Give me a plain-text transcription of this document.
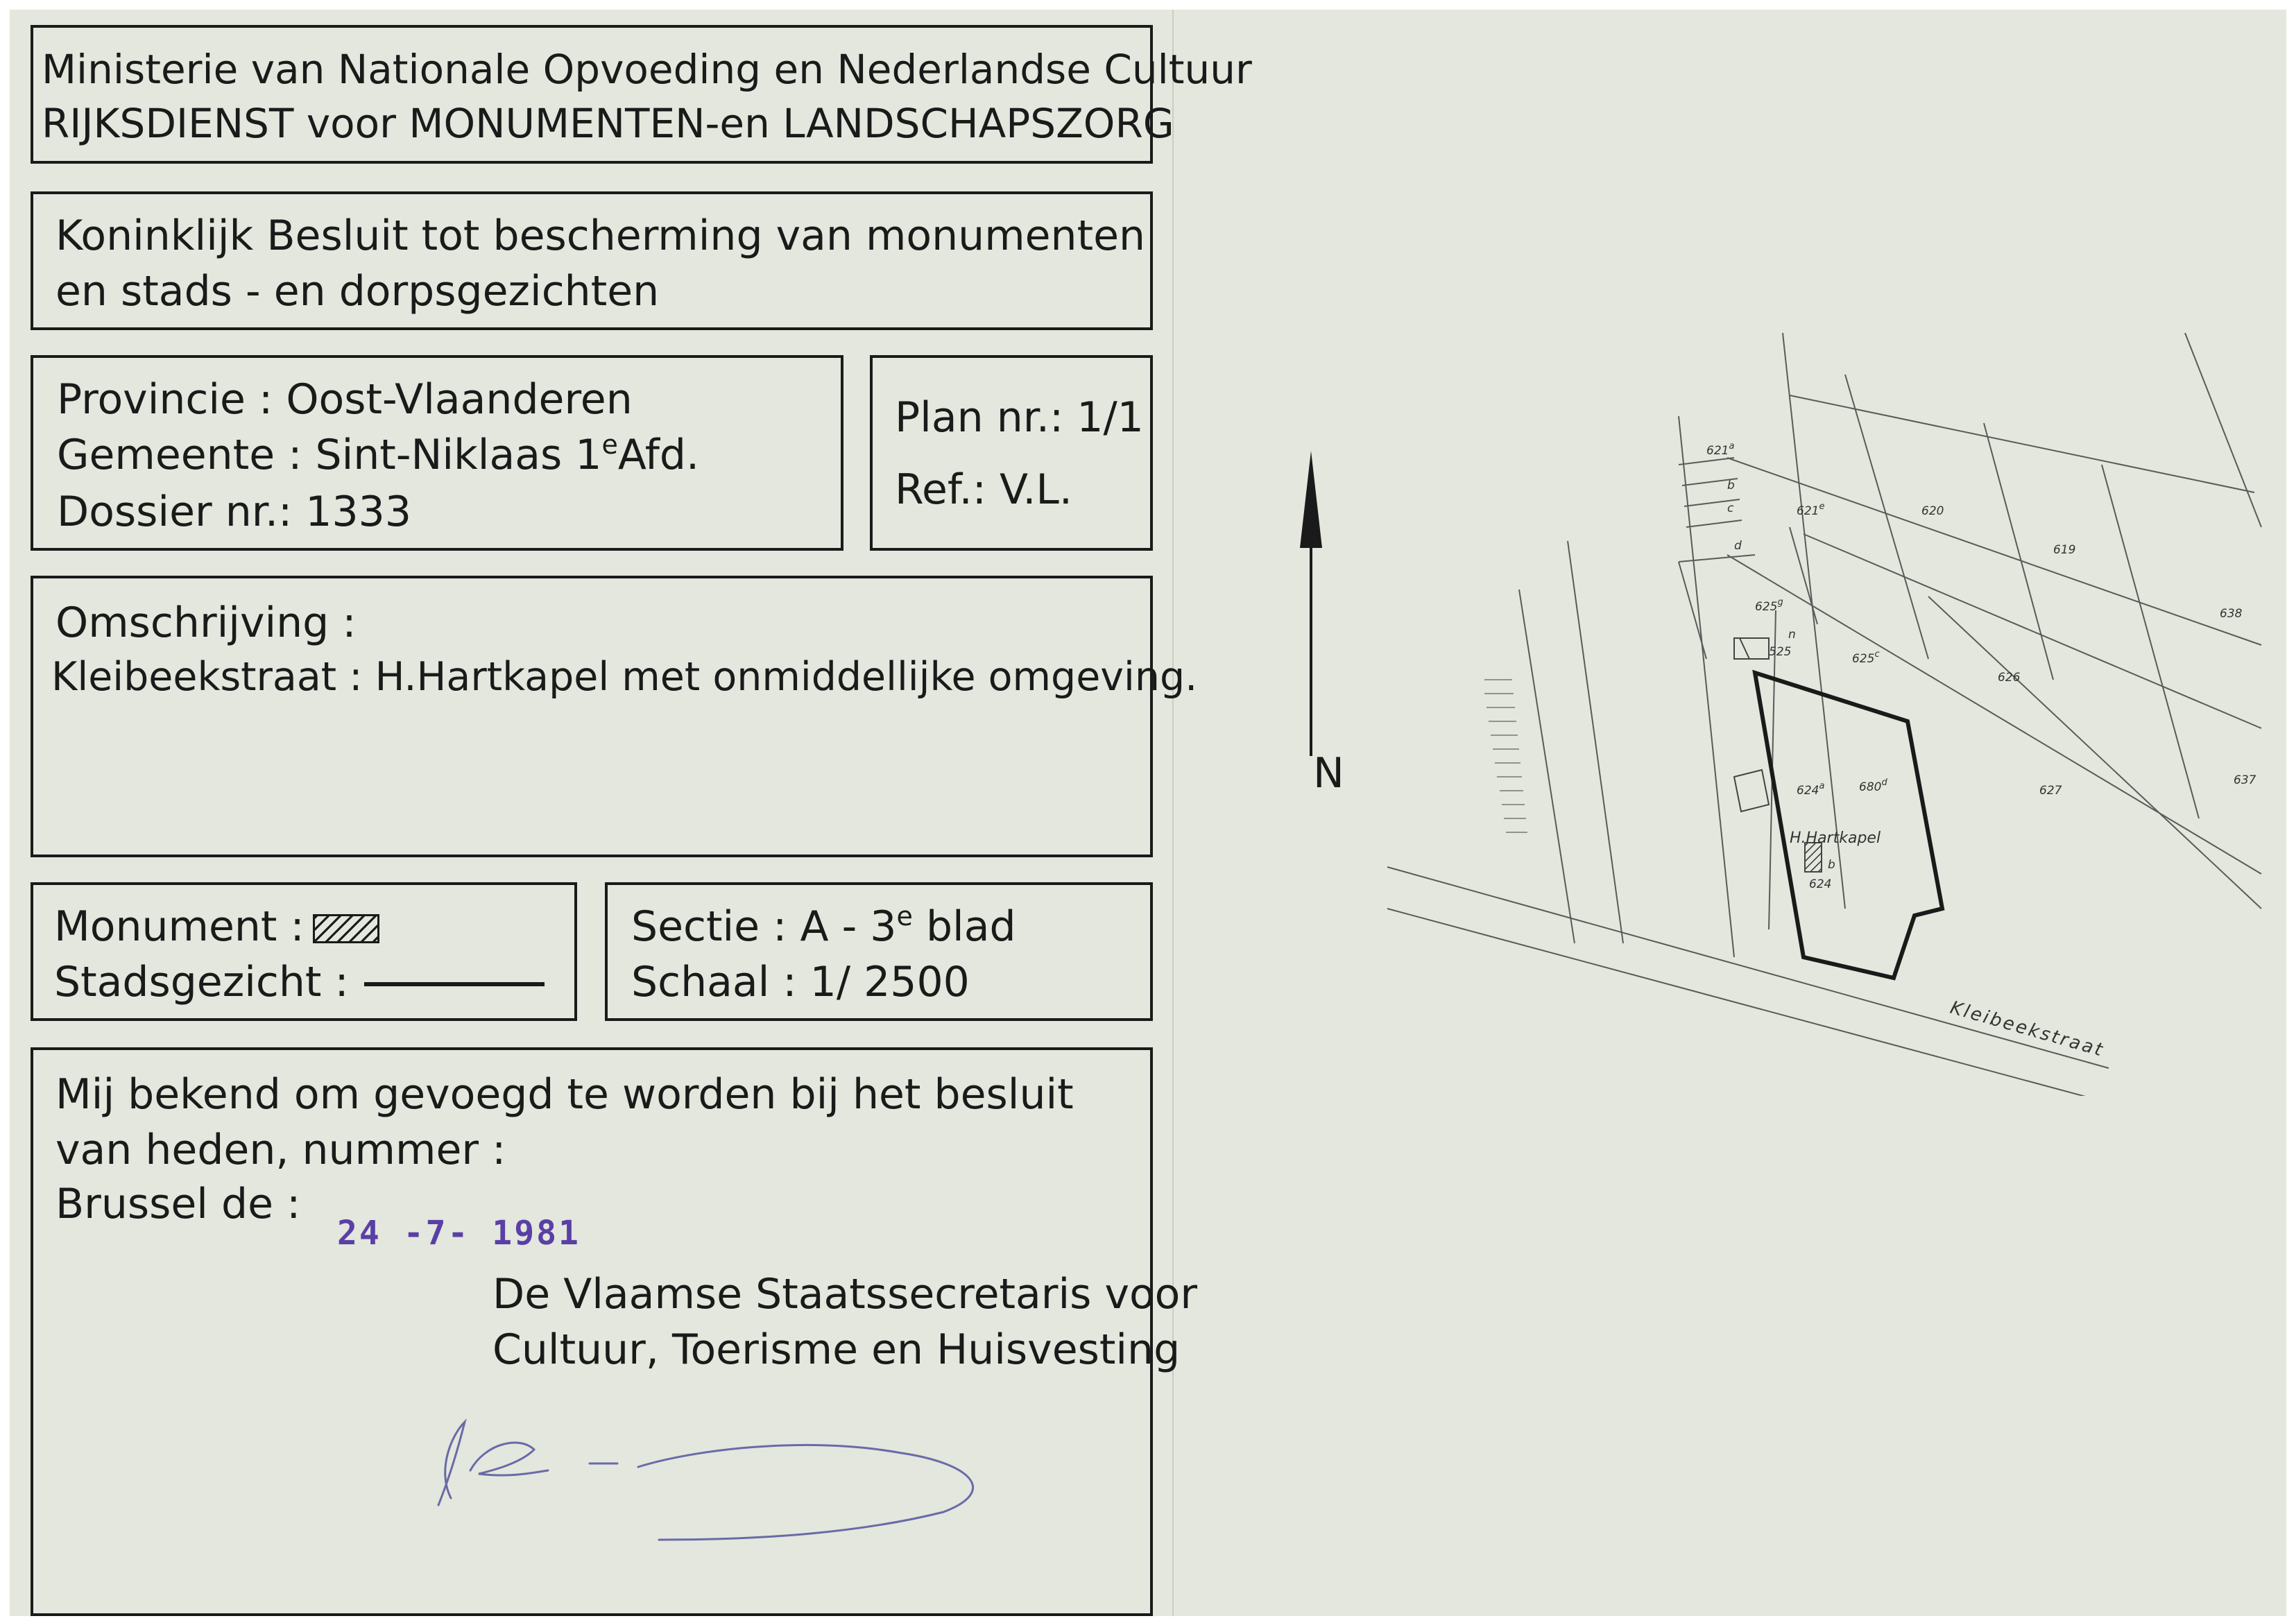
Ministerie van Nationale Opvoeding en Nederlandse Cultuur
RIJKSDIENST voor MONUMENTEN-en LANDSCHAPSZORG
Koninklijk Besluit tot bescherming van monumenten
en stads - en dorpsgezichten
Provincie : Oost-Vlaanderen
Gemeente : Sint-Niklaas 1eAfd.
Dossier nr.: 1333
Plan nr.: 1/1
Ref.: V.L.
Omschrijving :
Kleibeekstraat : H.Hartkapel met onmiddellijke omgeving.
Monument :
Stadsgezicht :
Sectie : A - 3e blad
Schaal : 1/ 2500
Mij bekend om gevoegd te worden bij het besluit
van heden, nummer :
Brussel de :
24 -7- 1981
De Vlaamse Staatssecretaris voor
Cultuur, Toerisme en Huisvesting
N
621$^a$
b
c
d
621e	620
619
638
625$^g$
n
525	625$^c$
626
627
637
624$^a$	680$^d$
b
624
H.Hartkapel
Kleibeekstraat
